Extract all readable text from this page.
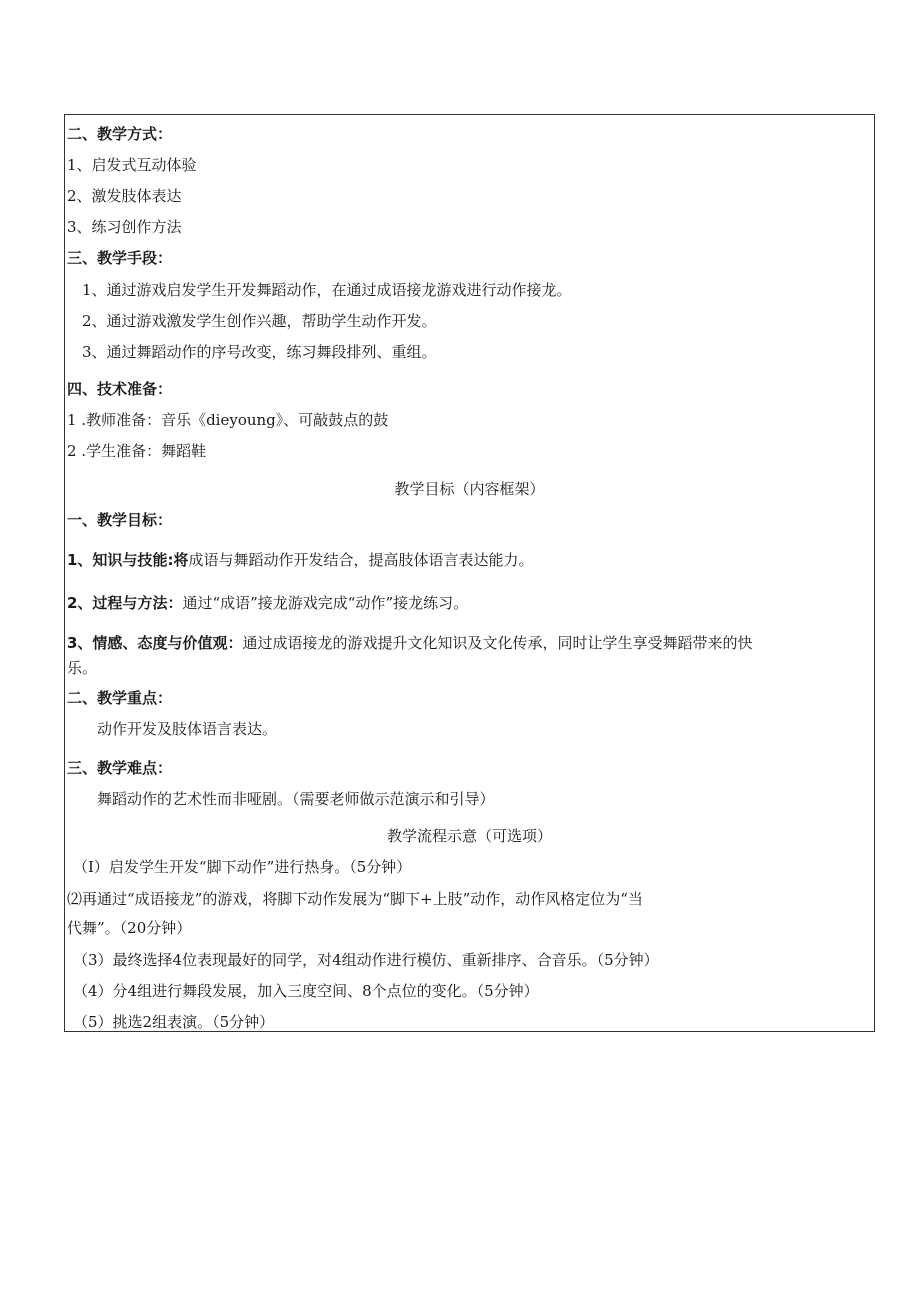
二、教学方式：
1、启发式互动体验
2、激发肢体表达
3、练习创作方法
三、教学手段：
1、通过游戏启发学生开发舞蹈动作，在通过成语接龙游戏进行动作接龙。
2、通过游戏激发学生创作兴趣，帮助学生动作开发。
3、通过舞蹈动作的序号改变，练习舞段排列、重组。
四、技术准备：
1 .教师准备：音乐《dieyoung》、可敲鼓点的鼓
2 .学生准备：舞蹈鞋
教学目标（内容框架）
一、教学目标：
1、知识与技能:将成语与舞蹈动作开发结合，提高肢体语言表达能力。
2、过程与方法：通过“成语”接龙游戏完成“动作”接龙练习。
3、情感、态度与价值观：通过成语接龙的游戏提升文化知识及文化传承，同时让学生享受舞蹈带来的快
乐。
二、教学重点：
动作开发及肢体语言表达。
三、教学难点：
舞蹈动作的艺术性而非哑剧。（需要老师做示范演示和引导）
教学流程示意（可选项）
（I）启发学生开发“脚下动作”进行热身。（5分钟）
⑵再通过“成语接龙”的游戏，将脚下动作发展为“脚下+上肢”动作，动作风格定位为“当
代舞”。（20分钟）
（3）最终选择4位表现最好的同学，对4组动作进行模仿、重新排序、合音乐。（5分钟）
（4）分4组进行舞段发展，加入三度空间、8个点位的变化。（5分钟）
（5）挑选2组表演。（5分钟）
